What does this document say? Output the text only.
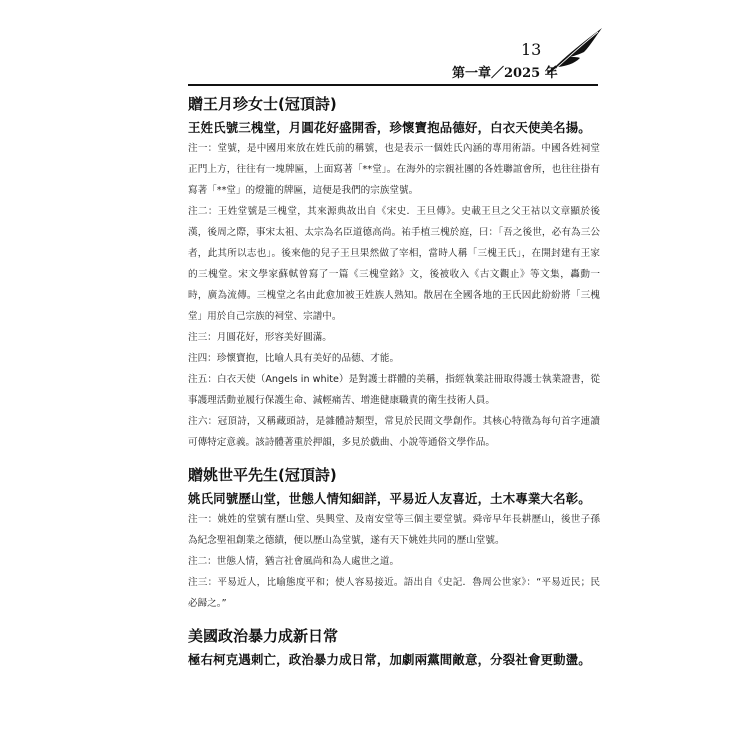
13
第一章／2025 年
贈王月珍女士(冠頂詩)

王姓氏號三槐堂，月圓花好盛開香，珍懷寶抱品德好，白衣天使美名揚。

注一：堂號，是中國用來放在姓氏前的稱號，也是表示一個姓氏內涵的專用術語。中國各姓祠堂正門上方，往往有一塊牌匾，上面寫著「**堂」。在海外的宗親社團的各姓聯誼會所，也往往掛有寫著「**堂」的燈籠的牌匾，這便是我們的宗族堂號。

注二：王姓堂號是三槐堂，其來源典故出自《宋史．王旦傳》。史載王旦之父王祜以文章顯於後漢，後周之際，事宋太祖、太宗為名臣道德高尚。祐手植三槐於庭，曰：「吾之後世，必有為三公者，此其所以志也」。後來他的兒子王旦果然做了宰相，當時人稱「三槐王氏」，在開封建有王家的三槐堂。宋文學家蘇軾曾寫了一篇《三槐堂銘》文，後被收入《古文觀止》等文集，轟動一時，廣為流傳。三槐堂之名由此愈加被王姓族人熟知。散居在全國各地的王氏因此紛紛將「三槐堂」用於自己宗族的祠堂、宗譜中。

注三：月圓花好，形容美好圓滿。

注四：珍懷寶抱，比喻人具有美好的品德、才能。

注五：白衣天使（Angels in white）是對護士群體的美稱，指經執業註冊取得護士執業證書，從事護理活動並履行保護生命、減輕痛苦、增進健康職責的衛生技術人員。

注六：冠頂詩，又稱藏頭詩，是雜體詩類型，常見於民間文學創作。其核心特徵為每句首字連讀可傳特定意義。該詩體著重於押韻，多見於戲曲、小說等通俗文學作品。

贈姚世平先生(冠頂詩)

姚氏同號歷山堂，世態人情知細詳，平易近人友喜近，土木專業大名彰。

注一：姚姓的堂號有歷山堂、吳興堂、及南安堂等三個主要堂號。舜帝早年長耕歷山，後世子孫為紀念聖祖創業之德績，便以歷山為堂號，遂有天下姚姓共同的歷山堂號。

注二：世態人情，猶言社會風尚和為人處世之道。

注三：平易近人，比喻態度平和；使人容易接近。語出自《史記．魯周公世家》：“平易近民；民必歸之。”

美國政治暴力成新日常

極右柯克遇刺亡，政治暴力成日常，加劇兩黨間敵意，分裂社會更動盪。
